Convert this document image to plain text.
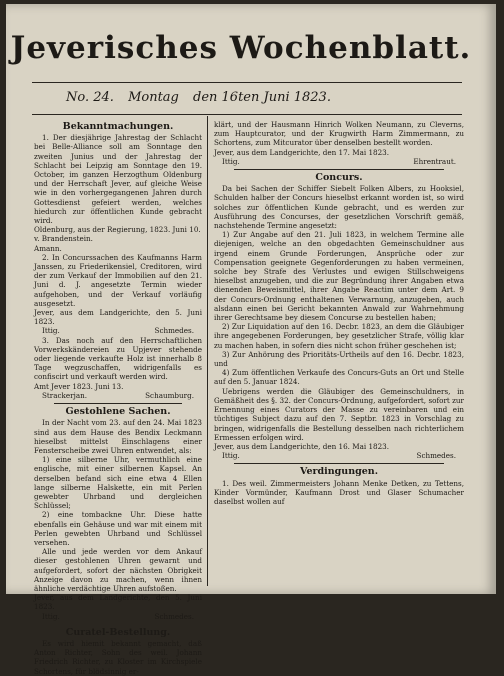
Jeverisches Wochenblatt.
No. 24. Montag den 16ten Juni 1823.
Bekanntmachungen.

1. Der diesjährige Jahrestag der Schlacht bei Belle-Alliance soll am Sonntage den zweiten Junius und der Jahrestag der Schlacht bei Leipzig am Sonntage den 19. October, im ganzen Herzogthum Oldenburg und der Herrschaft Jever, auf gleiche Weise wie in den vorhergegangenen Jahren durch Gottesdienst gefeiert werden, welches hiedurch zur öffentlichen Kunde gebracht wird.

Oldenburg, aus der Regierung, 1823. Juni 10.

v. Brandenstein.

Amann.

2. In Concurssachen des Kaufmanns Harm Janssen, zu Friederikensiel, Creditoren, wird der zum Verkauf der Immobilien auf den 21. Juni d. J. angesetzte Termin wieder aufgehoben, und der Verkauf vorläufig ausgesetzt.

Jever, aus dem Landgerichte, den 5. Juni 1823.

Ittig.	Schmedes.

3. Das noch auf den Herrschaftlichen Vorwerkskändereien zu Upjever stehende oder liegende verkaufte Holz ist innerhalb 8 Tage wegzuschaffen, widrigenfalls es confiscirt und verkauft werden wird.

Amt Jever 1823. Juni 13.

Strackerjan.	Schaumburg.
Gestohlene Sachen.

In der Nacht vom 23. auf den 24. Mai 1823 sind aus dem Hause des Bendix Leckmann hieselbst mittelst Einschlagens einer Fensterscheibe zwei Uhren entwendet, als:

1) eine silberne Uhr, vermuthlich eine englische, mit einer silbernen Kapsel. An derselben befand sich eine etwa 4 Ellen lange silberne Halskette, ein mit Perlen gewebter Uhrband und dergleichen Schlüssel;

2) eine tombackne Uhr. Diese hatte ebenfalls ein Gehäuse und war mit einem mit Perlen gewebten Uhrband und Schlüssel versehen.

Alle und jede werden vor dem Ankauf dieser gestohlenen Uhren gewarnt und aufgefordert, sofort der nächsten Obrigkeit Anzeige davon zu machen, wenn ihnen ähnliche verdächtige Uhren aufstoßen.

Jever, aus dem Landgerichte, den 5. Juni 1823.

Ittig.	Schmedes.
Curatel-Bestellung.

Es wird hiemit bekannt gemacht, daß Anton Richter, Sohn des weil. Johann Friedrich Richter, zu Kloster im Kirchspiele Schortens, für blödsinnig er-

klärt, und der Hausmann Hinrich Wolken Neumann, zu Cleverns, zum Hauptcurator, und der Krugwirth Harm Zimmermann, zu Schortens, zum Mitcurator über denselben bestellt worden.

Jever, aus dem Landgerichte, den 17. Mai 1823.

Ittig.	Ehrentraut.
Concurs.

Da bei Sachen der Schiffer Siebelt Folken Albers, zu Hooksiel, Schulden halber der Concurs hieselbst erkannt worden ist, so wird solches zur öffentlichen Kunde gebracht, und es werden zur Ausführung des Concurses, der gesetzlichen Vorschrift gemäß, nachstehende Termine angesetzt:

1) Zur Angabe auf den 21. Juli 1823, in welchem Termine alle diejenigen, welche an den obgedachten Gemeinschuldner aus irgend einem Grunde Forderungen, Ansprüche oder zur Compensation geeignete Gegenforderungen zu haben vermeinen, solche bey Strafe des Verlustes und ewigen Stillschweigens hieselbst anzugeben, und die zur Begründung ihrer Angaben etwa dienenden Beweismittel, ihrer Angabe Reactim unter dem Art. 9 der Concurs-Ordnung enthaltenen Verwarnung, anzugeben, auch alsdann einen bei Gericht bekannten Anwald zur Wahrnehmung ihrer Gerechtsame bey diesem Concurse zu bestellen haben;

2) Zur Liquidation auf den 16. Decbr. 1823, an dem die Gläubiger ihre angegebenen Forderungen, bey gesetzlicher Strafe, völlig klar zu machen haben, in sofern dies nicht schon früher geschehen ist;

3) Zur Anhörung des Prioritäts-Urtheils auf den 16. Decbr. 1823, und

4) Zum öffentlichen Verkaufe des Concurs-Guts an Ort und Stelle auf den 5. Januar 1824.

Uebrigens werden die Gläubiger des Gemeinschuldners, in Gemäßheit des §. 32. der Concurs-Ordnung, aufgefordert, sofort zur Ernennung eines Curators der Masse zu vereinbaren und ein tüchtiges Subject dazu auf den 7. Septbr. 1823 in Vorschlag zu bringen, widrigenfalls die Bestellung desselben nach richterlichem Ermessen erfolgen wird.

Jever, aus dem Landgerichte, den 16. Mai 1823.

Ittig.	Schmedes.
Verdingungen.

1. Des weil. Zimmermeisters Johann Menke Detken, zu Tettens, Kinder Vormünder, Kaufmann Drost und Glaser Schumacher daselbst wollen auf
